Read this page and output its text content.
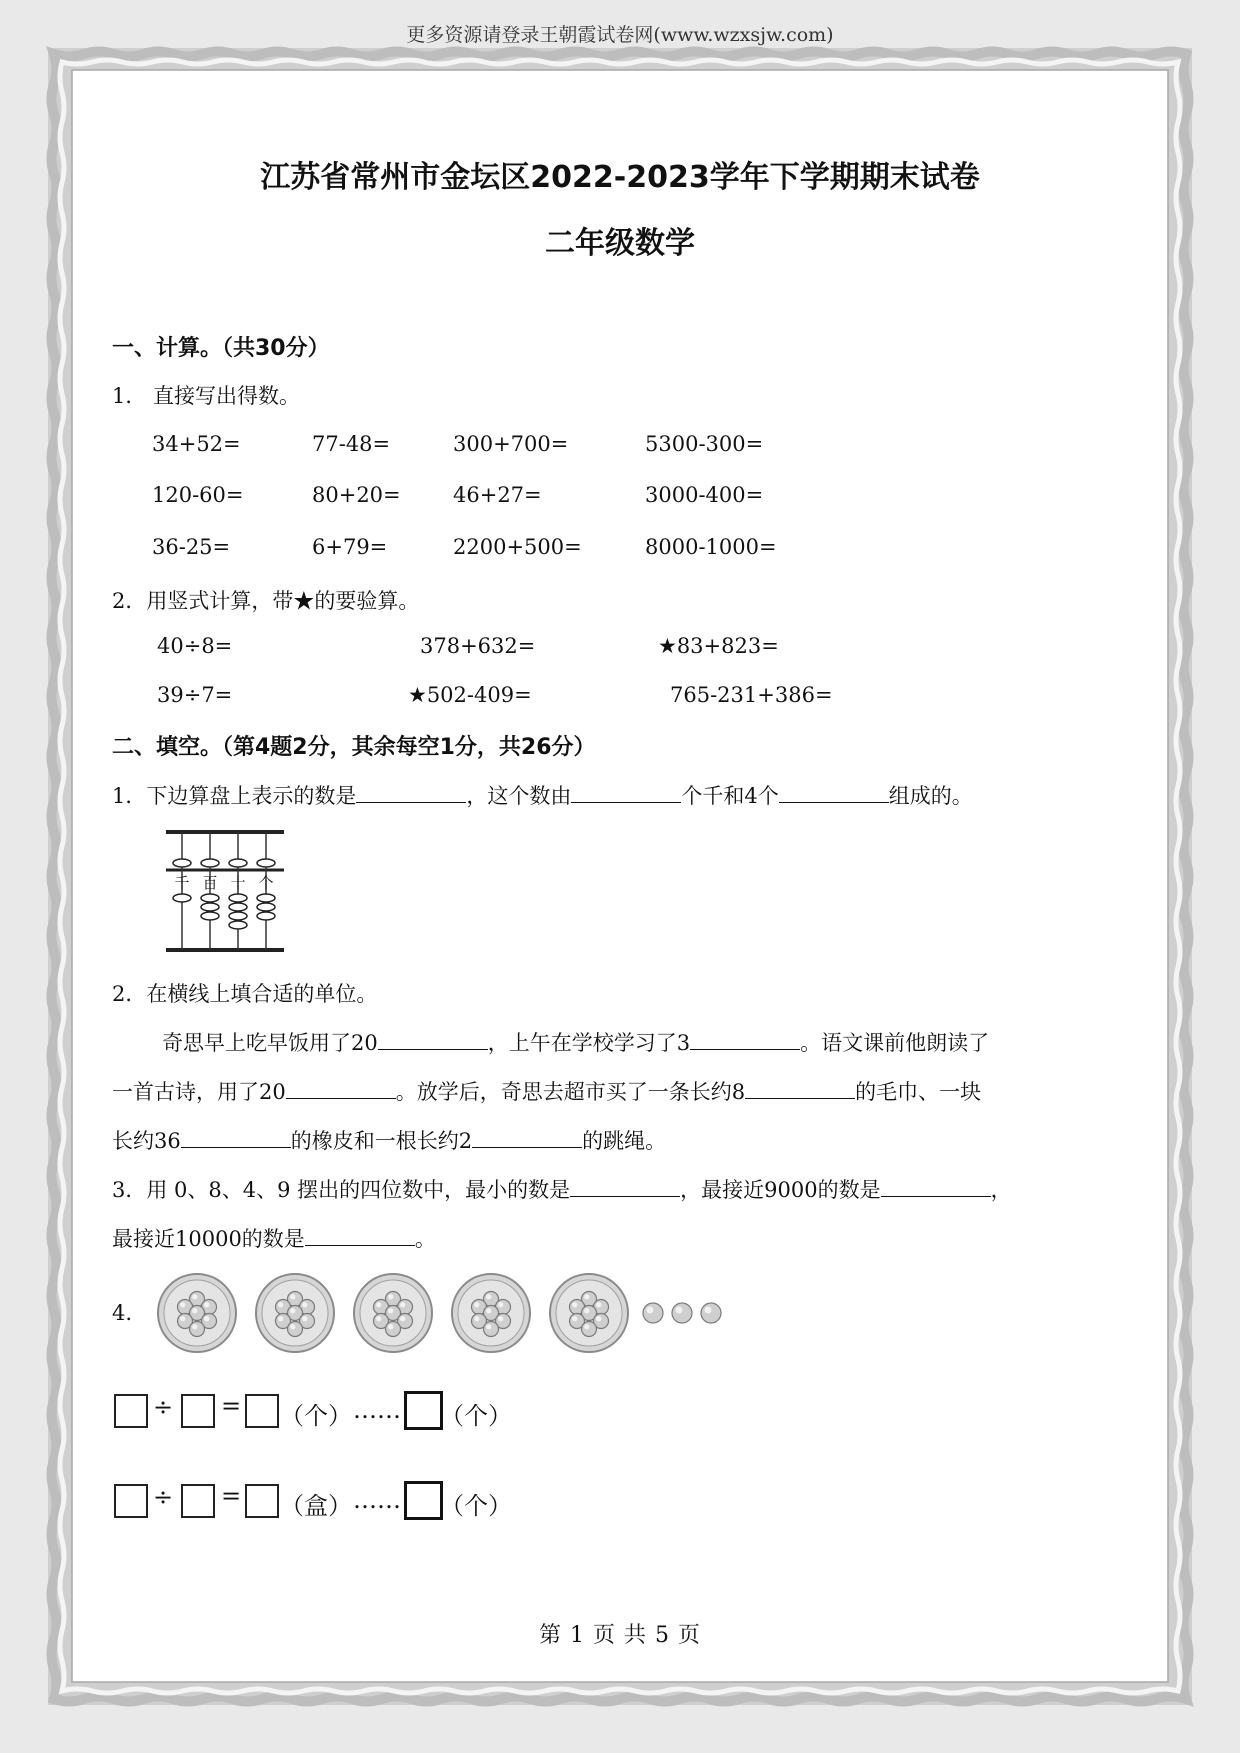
更多资源请登录王朝霞试卷网(www.wzxsjw.com)
江苏省常州市金坛区2022-2023学年下学期期末试卷
二年级数学
一、计算。（共30分）
1． 直接写出得数。
34+52=	77-48=	300+700=	5300-300=
120-60=	80+20= 46+27=	3000-400=
36-25=	6+79=	2200+500=	8000-1000=
2．用竖式计算，带★的要验算。
40÷8=	378+632=	★83+823=
39÷7=	★502-409=	765-231+386=
二、填空。（第4题2分，其余每空1分，共26分）
1．下边算盘上表示的数是	，这个数由	个千和4个	组成的。
千 百 十 个
2．在横线上填合适的单位。
奇思早上吃早饭用了20	，上午在学校学习了3	。语文课前他朗读了
一首古诗，用了20	。放学后，奇思去超市买了一条长约8	的毛巾、一块
长约36	的橡皮和一根长约2	的跳绳。
3．用 0、8、4、9 摆出的四位数中，最小的数是	，最接近9000的数是	，
最接近10000的数是	。
4.
÷ = （个） …… （个）
÷ = （盒） …… （个）
第 1 页 共 5 页
